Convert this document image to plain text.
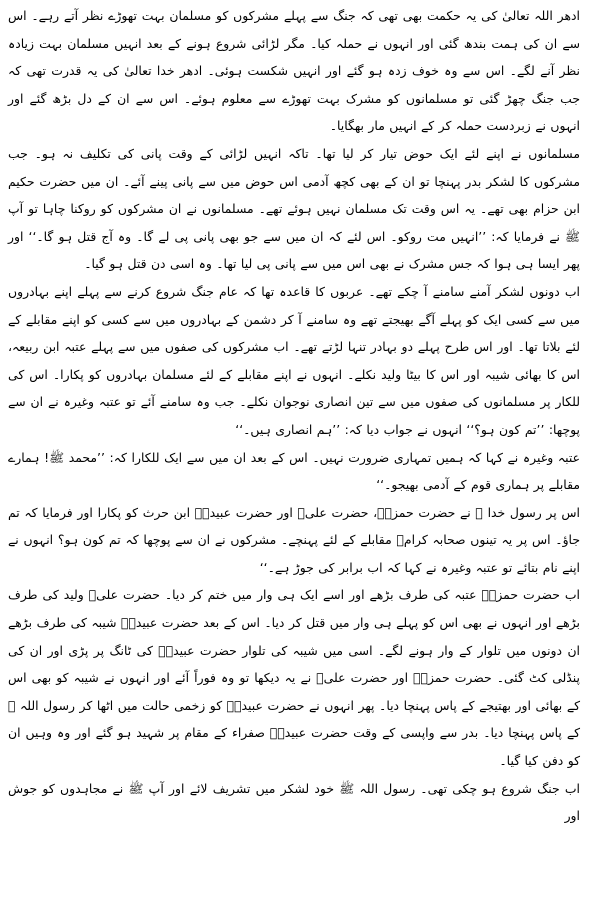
ادھر اللہ تعالیٰ کی یہ حکمت بھی تھی کہ جنگ سے پہلے مشرکوں کو مسلمان بہت تھوڑے نظر آتے رہے۔ اس سے ان کی ہمت بندھ گئی اور انہوں نے حملہ کیا۔ مگر لڑائی شروع ہونے کے بعد انہیں مسلمان بہت زیادہ نظر آنے لگے۔ اس سے وہ خوف زدہ ہو گئے اور انہیں شکست ہوئی۔ ادھر خدا تعالیٰ کی یہ قدرت تھی کہ جب جنگ چھڑ گئی تو مسلمانوں کو مشرک بہت تھوڑے سے معلوم ہوئے۔ اس سے ان کے دل بڑھ گئے اور انہوں نے زبردست حملہ کر کے انہیں مار بھگایا۔

مسلمانوں نے اپنے لئے ایک حوض تیار کر لیا تھا۔ تاکہ انہیں لڑائی کے وقت پانی کی تکلیف نہ ہو۔ جب مشرکوں کا لشکر بدر پہنچا تو ان کے بھی کچھ آدمی اس حوض میں سے پانی پینے آئے۔ ان میں حضرت حکیم ابن حزام بھی تھے۔ یہ اس وقت تک مسلمان نہیں ہوئے تھے۔ مسلمانوں نے ان مشرکوں کو روکنا چاہا تو آپ ﷺ نے فرمایا کہ: ’’انہیں مت روکو۔ اس لئے کہ ان میں سے جو بھی پانی پی لے گا۔ وہ آج قتل ہو گا۔‘‘ اور پھر ایسا ہی ہوا کہ جس مشرک نے بھی اس میں سے پانی پی لیا تھا۔ وہ اسی دن قتل ہو گیا۔

اب دونوں لشکر آمنے سامنے آ چکے تھے۔ عربوں کا قاعدہ تھا کہ عام جنگ شروع کرنے سے پہلے اپنے بہادروں میں سے کسی ایک کو پہلے آگے بھیجتے تھے وہ سامنے آ کر دشمن کے بہادروں میں سے کسی کو اپنے مقابلے کے لئے بلاتا تھا۔ اور اس طرح پہلے دو بہادر تنہا لڑتے تھے۔ اب مشرکوں کی صفوں میں سے پہلے عتبہ ابن ربیعہ، اس کا بھائی شیبہ اور اس کا بیٹا ولید نکلے۔ انہوں نے اپنے مقابلے کے لئے مسلمان بہادروں کو پکارا۔ اس کی للکار پر مسلمانوں کی صفوں میں سے تین انصاری نوجوان نکلے۔ جب وہ سامنے آئے تو عتبہ وغیرہ نے ان سے پوچھا: ’’تم کون ہو؟‘‘ انہوں نے جواب دیا کہ: ’’ہم انصاری ہیں۔‘‘

عتبہ وغیرہ نے کہا کہ ہمیں تمہاری ضرورت نہیں۔ اس کے بعد ان میں سے ایک للکارا کہ: ’’محمد ﷺ! ہمارے مقابلے پر ہماری قوم کے آدمی بھیجو۔‘‘

اس پر رسول خدا ﷺ نے حضرت حمزہؓ، حضرت علیؓ اور حضرت عبیدہؓ ابن حرث کو پکارا اور فرمایا کہ تم جاؤ۔ اس پر یہ تینوں صحابہ کرامؓ مقابلے کے لئے پہنچے۔ مشرکوں نے ان سے پوچھا کہ تم کون ہو؟ انہوں نے اپنے نام بتائے تو عتبہ وغیرہ نے کہا کہ اب برابر کی جوڑ ہے۔‘‘

اب حضرت حمزہؓ عتبہ کی طرف بڑھے اور اسے ایک ہی وار میں ختم کر دیا۔ حضرت علیؓ ولید کی طرف بڑھے اور انہوں نے بھی اس کو پہلے ہی وار میں قتل کر دیا۔ اس کے بعد حضرت عبیدہؓ شیبہ کی طرف بڑھے ان دونوں میں تلوار کے وار ہونے لگے۔ اسی میں شیبہ کی تلوار حضرت عبیدہؓ کی ٹانگ پر پڑی اور ان کی پنڈلی کٹ گئی۔ حضرت حمزہؓ اور حضرت علیؓ نے یہ دیکھا تو وہ فوراً آئے اور انہوں نے شیبہ کو بھی اس کے بھائی اور بھتیجے کے پاس پہنچا دیا۔ پھر انہوں نے حضرت عبیدہؓ کو زخمی حالت میں اٹھا کر رسول اللہ ﷺ کے پاس پہنچا دیا۔ بدر سے واپسی کے وقت حضرت عبیدہؓ صفراء کے مقام پر شہید ہو گئے اور وہ وہیں ان کو دفن کیا گیا۔

اب جنگ شروع ہو چکی تھی۔ رسول اللہ ﷺ خود لشکر میں تشریف لائے اور آپ ﷺ نے مجاہدوں کو جوش اور
